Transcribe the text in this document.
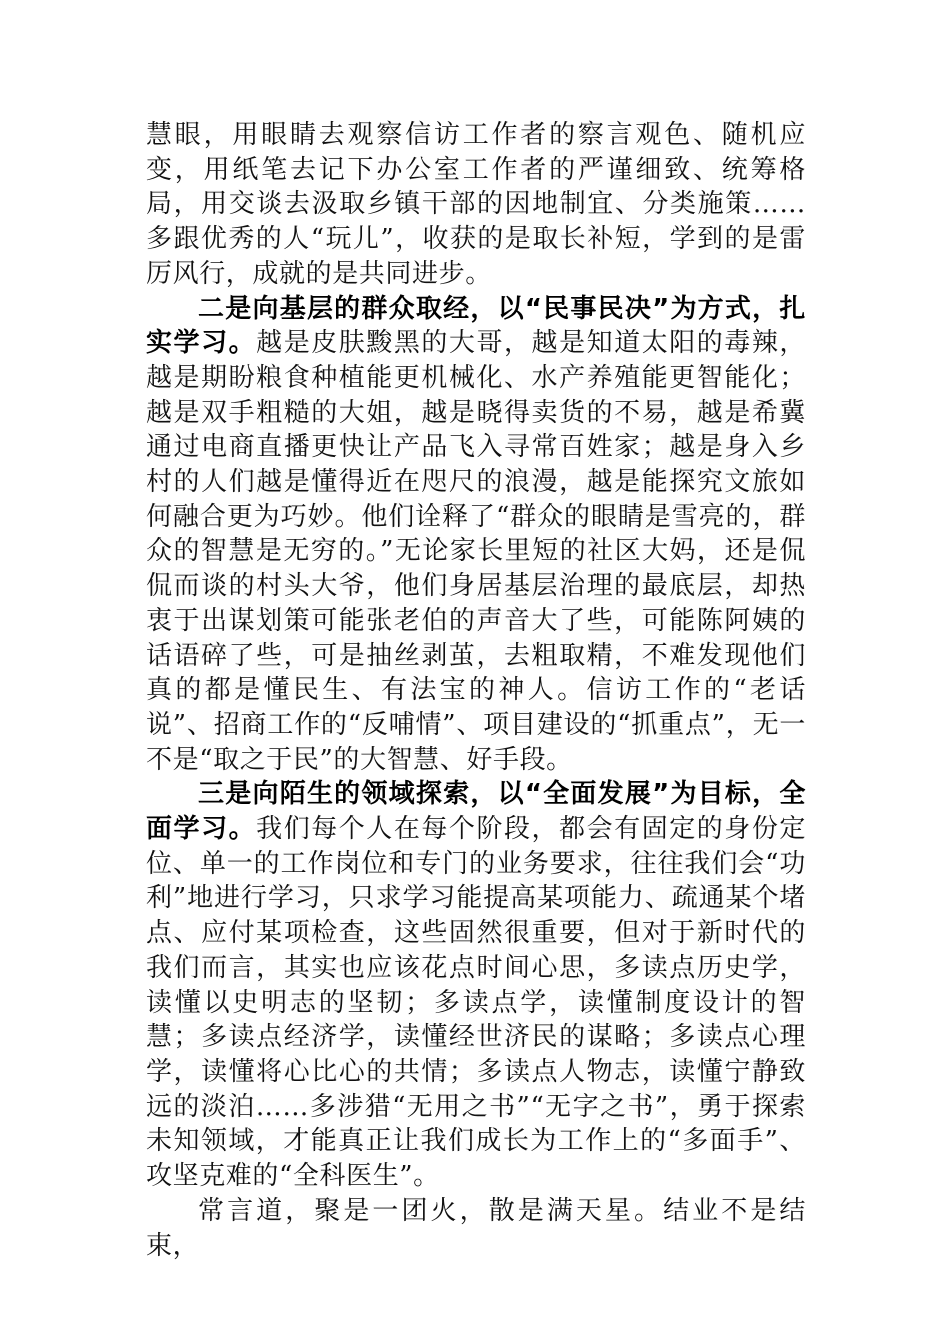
慧眼，用眼睛去观察信访工作者的察言观色、随机应变，用纸笔去记下办公室工作者的严谨细致、统筹格局，用交谈去汲取乡镇干部的因地制宜、分类施策……多跟优秀的人“玩儿”，收获的是取长补短，学到的是雷厉风行，成就的是共同进步。

二是向基层的群众取经，以“民事民决”为方式，扎实学习。越是皮肤黢黑的大哥，越是知道太阳的毒辣，越是期盼粮食种植能更机械化、水产养殖能更智能化；越是双手粗糙的大姐，越是晓得卖货的不易，越是希冀通过电商直播更快让产品飞入寻常百姓家；越是身入乡村的人们越是懂得近在咫尺的浪漫，越是能探究文旅如何融合更为巧妙。他们诠释了“群众的眼睛是雪亮的，群众的智慧是无穷的。”无论家长里短的社区大妈，还是侃侃而谈的村头大爷，他们身居基层治理的最底层，却热衷于出谋划策可能张老伯的声音大了些，可能陈阿姨的话语碎了些，可是抽丝剥茧，去粗取精，不难发现他们真的都是懂民生、有法宝的神人。信访工作的“老话说”、招商工作的“反哺情”、项目建设的“抓重点”，无一不是“取之于民”的大智慧、好手段。

三是向陌生的领域探索，以“全面发展”为目标，全面学习。我们每个人在每个阶段，都会有固定的身份定位、单一的工作岗位和专门的业务要求，往往我们会“功利”地进行学习，只求学习能提高某项能力、疏通某个堵点、应付某项检查，这些固然很重要，但对于新时代的我们而言，其实也应该花点时间心思，多读点历史学，读懂以史明志的坚韧；多读点学，读懂制度设计的智慧；多读点经济学，读懂经世济民的谋略；多读点心理学，读懂将心比心的共情；多读点人物志，读懂宁静致远的淡泊……多涉猎“无用之书”“无字之书”，勇于探索未知领域，才能真正让我们成长为工作上的“多面手”、攻坚克难的“全科医生”。

常言道，聚是一团火，散是满天星。结业不是结束，
